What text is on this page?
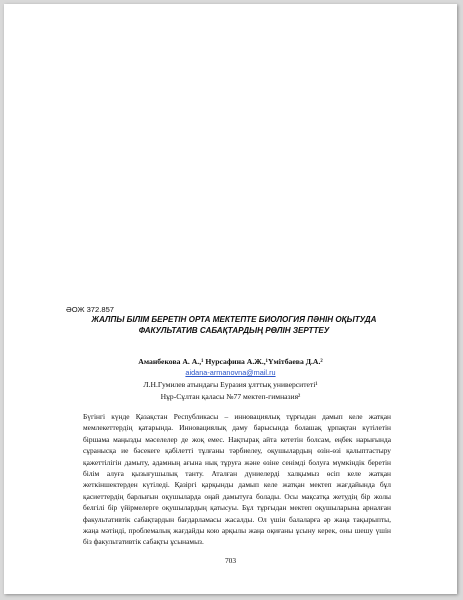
ӘОЖ 372.857
ЖАЛПЫ БІЛІМ БЕРЕТІН ОРТА МЕКТЕПТЕ БИОЛОГИЯ ПӘНІН ОҚЫТУДА
ФАКУЛЬТАТИВ САБАҚТАРДЫҢ РӨЛІН ЗЕРТТЕУ
Аманбекова А. А.,¹ Нурсафина А.Ж.,¹Үмітбаева Д.А.²
aidana-armanovna@mail.ru
Л.Н.Гумилев атындағы Еуразия ұлттық университеті¹
Нұр-Сұлтан қаласы №77 мектеп-гимназия²
Бүгінгі күнде Қазақстан Республикасы – инновациялық тұрғыдан дамып келе жатқан
мемлекеттердің қатарында. Инновациялық даму барысында болашақ ұрпақтан күтілетін
біршама маңызды мәселелер де жоқ емес. Нақтырақ айта кететін болсам, еңбек нарығында
сұранысқа ие бәсекеге қабілетті тұлғаны тәрбиелеу, оқушылардың өзін-өзі қалыптастыру
қажеттілігін дамыту, адамның ағына нық тұруға және өзіне сенімді болуға мүмкіндік беретін
білім алуға қызығушылық танту. Аталған дүниелерді халқымыз өсіп келе жатқан
жеткіншектерден күтіледі. Қазіргі қарқынды дамып келе жатқан мектеп жағдайында бұл
қасиеттердің барлығын оқушыларда оңай дамытуға болады. Осы мақсатқа жетудің бір жолы
белгілі бір үйірмелерге оқушылардың қатысуы. Бұл тұрғыдан мектеп оқушыларына арналған
факультативтік сабақтардын бағдарламасы жасалды. Ол үшін балаларға әр жаңа тақырыпты,
жаңа мәтінді, проблемалық жағдайды кою арқылы жаңа оқиғаны ұсыну керек, оны шешу үшін
біз факультативтік сабақты ұсынамыз.
703
